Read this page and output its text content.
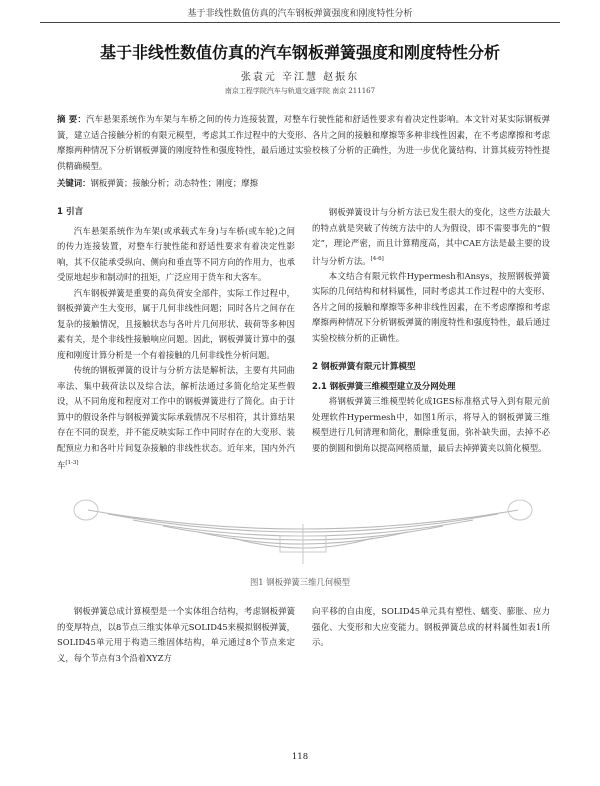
基于非线性数值仿真的汽车钢板弹簧强度和刚度特性分析
基于非线性数值仿真的汽车钢板弹簧强度和刚度特性分析
张袁元 辛江慧 赵振东
南京工程学院汽车与轨道交通学院 南京 211167
摘 要：汽车悬架系统作为车架与车桥之间的传力连接装置，对整车行驶性能和舒适性要求有着决定性影响。本文针对某实际钢板弹簧，建立适合接触分析的有限元模型，考虑其工作过程中的大变形、各片之间的接触和摩擦等多种非线性因素，在不考虑摩擦和考虑摩擦两种情况下分析钢板弹簧的刚度特性和强度特性，最后通过实验校核了分析的正确性，为进一步优化簧结构、计算其疲劳特性提供精确模型。
关键词：钢板弹簧；接触分析；动态特性；刚度；摩擦
1 引言

汽车悬架系统作为车架(或承载式车身)与车桥(或车轮)之间的传力连接装置，对整车行驶性能和舒适性要求有着决定性影响，其不仅能承受纵向、侧向和垂直等不同方向的作用力，也承受原地起步和制动时的扭矩，广泛应用于货车和大客车。

汽车钢板弹簧是重要的高负荷安全部件，实际工作过程中，钢板弹簧产生大变形，属于几何非线性问题；同时各片之间存在复杂的接触情况，且接触状态与各叶片几何形状、载荷等多种因素有关，是个非线性接触响应问题。因此，钢板弹簧计算中的强度和刚度计算分析是一个有着接触的几何非线性分析问题。

传统的钢板弹簧的设计与分析方法是解析法，主要有共同曲率法、集中载荷法以及综合法，解析法通过多简化给定某些假设，从不同角度和程度对工作中的钢板弹簧进行了简化。由于计算中的假设条件与钢板弹簧实际承载情况不尽相符，其计算结果存在不同的误差，并不能反映实际工作中同时存在的大变形、装配预应力和各叶片间复杂接触的非线性状态。近年来，国内外汽车[1-3]

钢板弹簧设计与分析方法已发生很大的变化，这些方法最大的特点就是突破了传统方法中的人为假设，即不需要事先的“假定”，理论严密，而且计算精度高，其中CAE方法是最主要的设计与分析方法。[4-6]

本文结合有限元软件Hypermesh和Ansys，按照钢板弹簧实际的几何结构和材料属性，同时考虑其工作过程中的大变形、各片之间的接触和摩擦等多种非线性因素，在不考虑摩擦和考虑摩擦两种情况下分析钢板弹簧的刚度特性和强度特性，最后通过实验校核分析的正确性。

2 钢板弹簧有限元计算模型
2.1 钢板弹簧三维模型建立及分网处理

将钢板弹簧三维模型转化成IGES标准格式导入到有限元前处理软件Hypermesh中，如图1所示，将导入的钢板弹簧三维模型进行几何清理和简化，删除重复面，弥补缺失面，去掉不必要的倒圆和倒角以提高网格质量，最后去掉弹簧夹以简化模型。

图1 钢板弹簧三维几何模型

钢板弹簧总成计算模型是一个实体组合结构，考虑钢板弹簧的变厚特点，以8节点三维实体单元SOLID45来模拟钢板弹簧，SOLID45单元用于构造三维固体结构，单元通过8个节点来定义，每个节点有3个沿着XYZ方

向平移的自由度，SOLID45单元具有塑性、蠕变、膨胀、应力强化、大变形和大应变能力。钢板弹簧总成的材料属性如表1所示。

118
